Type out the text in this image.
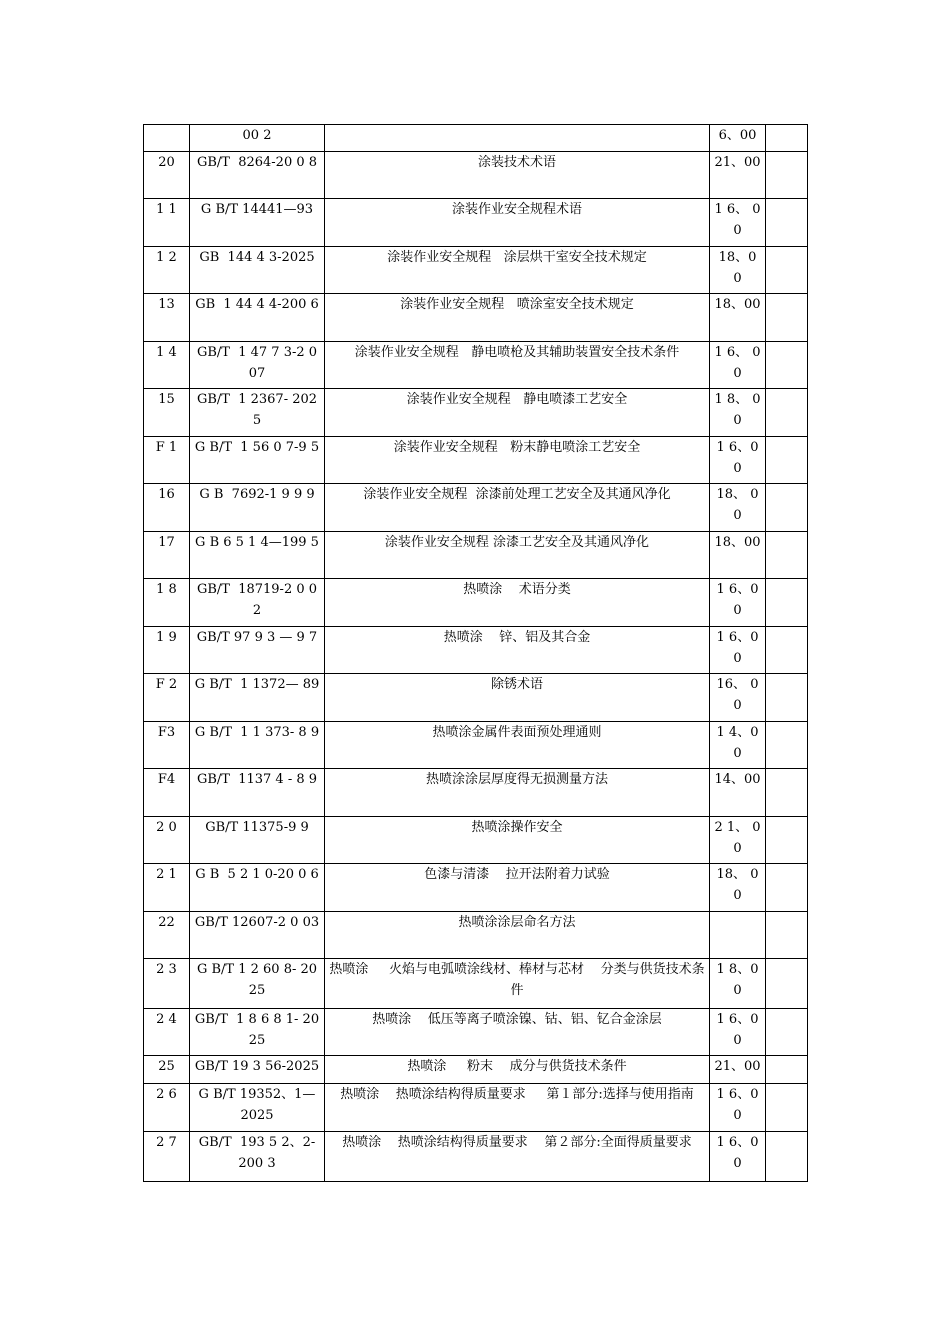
	00 2		6、00	
20	GB/T  8264-20 0 8	涂装技术术语	21、00	
1 1	G B/T 14441—93	涂装作业安全规程术语	1 6、 0 0	
1 2	GB  144 4 3-2025	涂装作业安全规程   涂层烘干室安全技术规定	18、0 0	
13	GB  1 44 4 4-200 6	涂装作业安全规程   喷涂室安全技术规定	18、00	
1 4	GB/T  1 47 7 3-2 007	涂装作业安全规程   静电喷枪及其辅助装置安全技术条件	1 6、 0 0	
15	GB/T  1 2367- 2025	涂装作业安全规程   静电喷漆工艺安全	1 8、 0 0	
F 1	G B/T  1 56 0 7-9 5	涂装作业安全规程   粉末静电喷涂工艺安全	1 6、00	
16	G B  7692-1 9 9 9	涂装作业安全规程  涂漆前处理工艺安全及其通风净化	18、 0 0	
17	G B 6 5 1 4—199 5	涂装作业安全规程 涂漆工艺安全及其通风净化	18、00	
1 8	GB/T  18719-2 0 0 2	热喷涂    术语分类	1 6、0 0	
1 9	GB/T 97 9 3 — 9 7	热喷涂    锌、铝及其合金	1 6、00	
F 2	G B/T  1 1372— 89	除锈术语	16、 0 0	
F3	G B/T  1 1 373- 8 9	热喷涂金属件表面预处理通则	1 4、00	
F4	GB/T  1137 4 - 8 9	热喷涂涂层厚度得无损测量方法	14、00	
2 0	GB/T 11375-9 9	热喷涂操作安全	2 1、 0 0	
2 1	G B  5 2 1 0-20 0 6	色漆与清漆    拉开法附着力试验	18、 0 0	
22	GB/T 12607-2 0 03	热喷涂涂层命名方法		
2 3	G B/T 1 2 60 8- 2025	热喷涂     火焰与电弧喷涂线材、棒材与芯材    分类与供货技术条件	1 8、0 0	
2 4	GB/T  1 8 6 8 1- 2025	热喷涂    低压等离子喷涂镍、钴、铝、钇合金涂层	1 6、0 0	
25	GB/T 19 3 56-2025	热喷涂     粉末    成分与供货技术条件	21、00	
2 6	G B/T 19352、1— 2025	热喷涂    热喷涂结构得质量要求     第１部分:选择与使用指南	1 6、00	
2 7	GB/T  193 5 2、2- 200 3	热喷涂    热喷涂结构得质量要求    第２部分:全面得质量要求	1 6、0 0	
